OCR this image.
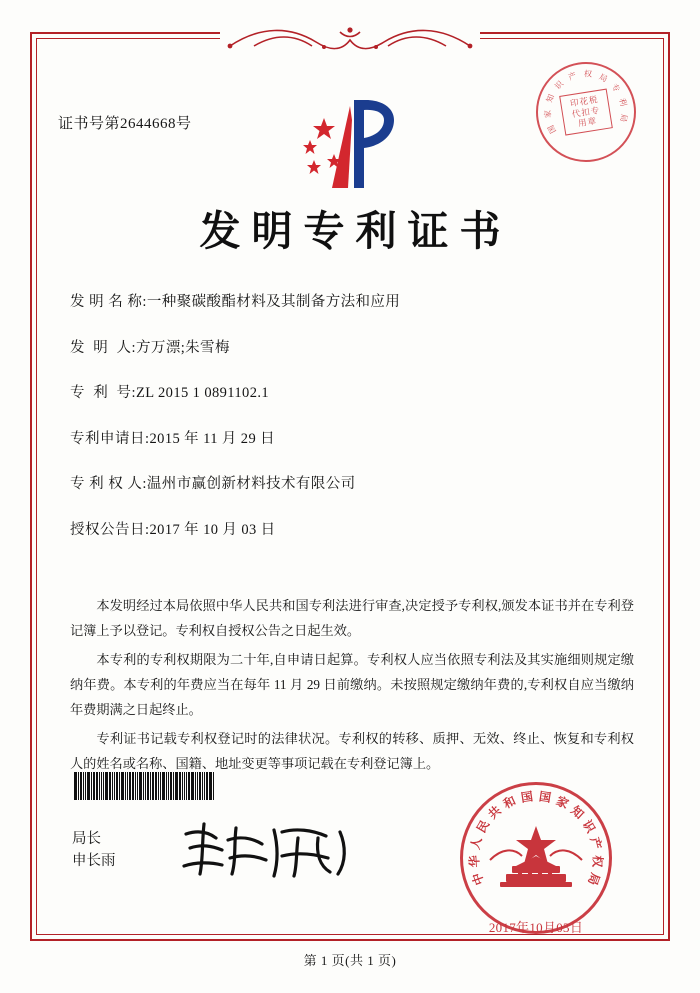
证书号第2644668号	国
家
知
识
产 权 局
专
利
局
印花税
代扣专用章
发明专利证书
发 明 名 称: 一种聚碳酸酯材料及其制备方法和应用
发  明  人: 方万漂;朱雪梅
专  利  号: ZL 2015 1 0891102.1
专利申请日: 2015 年 11 月 29 日
专 利 权 人: 温州市赢创新材料技术有限公司
授权公告日: 2017 年 10 月 03 日

本发明经过本局依照中华人民共和国专利法进行审查,决定授予专利权,颁发本证书并在专利登记簿上予以登记。专利权自授权公告之日起生效。

本专利的专利权期限为二十年,自申请日起算。专利权人应当依照专利法及其实施细则规定缴纳年费。本专利的年费应当在每年 11 月 29 日前缴纳。未按照规定缴纳年费的,专利权自应当缴纳年费期满之日起终止。

专利证书记载专利权登记时的法律状况。专利权的转移、质押、无效、终止、恢复和专利权人的姓名或名称、国籍、地址变更等事项记载在专利登记簿上。

局长
申长雨
中
华
人
民
共
和 国 国 家
知
识
产
权
局
2017年10月03日
第 1 页(共 1 页)
